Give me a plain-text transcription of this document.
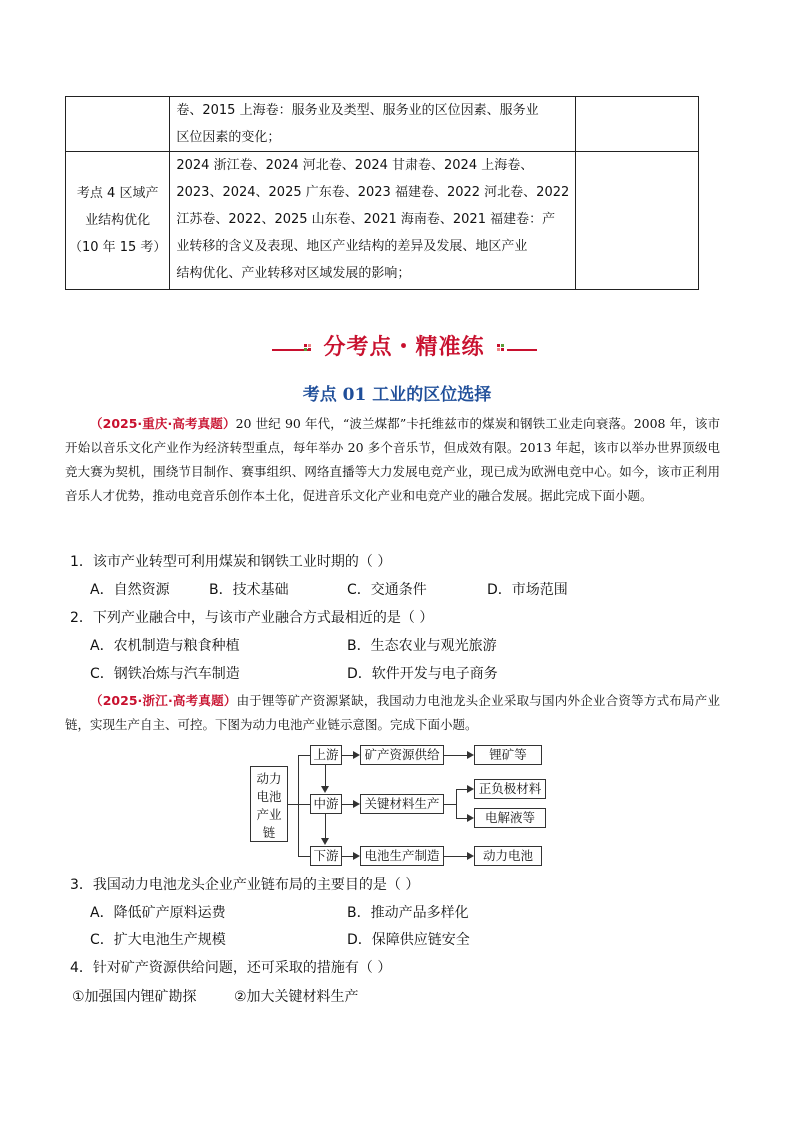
	卷、2015 上海卷：服务业及类型、服务业的区位因素、服务业
区位因素的变化；	

考点 4 区域产
业结构优化
（10 年 15 考）	2024 浙江卷、2024 河北卷、2024 甘肃卷、2024 上海卷、
2023、2024、2025 广东卷、2023 福建卷、2022 河北卷、2022
江苏卷、2022、2025 山东卷、2021 海南卷、2021 福建卷：产
业转移的含义及表现、地区产业结构的差异及发展、地区产业
结构优化、产业转移对区域发展的影响；	

分考点・精准练
考点 01 工业的区位选择
（2025·重庆·高考真题）20 世纪 90 年代，“波兰煤都”卡托维兹市的煤炭和钢铁工业走向衰落。2008 年，该市开始以音乐文化产业作为经济转型重点，每年举办 20 多个音乐节，但成效有限。2013 年起，该市以举办世界顶级电竞大赛为契机，围绕节目制作、赛事组织、网络直播等大力发展电竞产业，现已成为欧洲电竞中心。如今，该市正利用音乐人才优势，推动电竞音乐创作本土化，促进音乐文化产业和电竞产业的融合发展。据此完成下面小题。
1．该市产业转型可利用煤炭和钢铁工业时期的（ ）
A．自然资源	B．技术基础	C．交通条件	D．市场范围
2．下列产业融合中，与该市产业融合方式最相近的是（ ）
A．农机制造与粮食种植	B．生态农业与观光旅游
C．钢铁冶炼与汽车制造	D．软件开发与电子商务
（2025·浙江·高考真题）由于锂等矿产资源紧缺，我国动力电池龙头企业采取与国内外企业合资等方式布局产业链，实现生产自主、可控。下图为动力电池产业链示意图。完成下面小题。
动力
电池
产业
链
上游
中游
下游
矿产资源供给
关键材料生产
电池生产制造
锂矿等
正负极材料
电解液等
动力电池
3．我国动力电池龙头企业产业链布局的主要目的是（ ）
A．降低矿产原料运费	B．推动产品多样化
C．扩大电池生产规模	D．保障供应链安全
4．针对矿产资源供给问题，还可采取的措施有（ ）
①加强国内锂矿勘探	②加大关键材料生产
